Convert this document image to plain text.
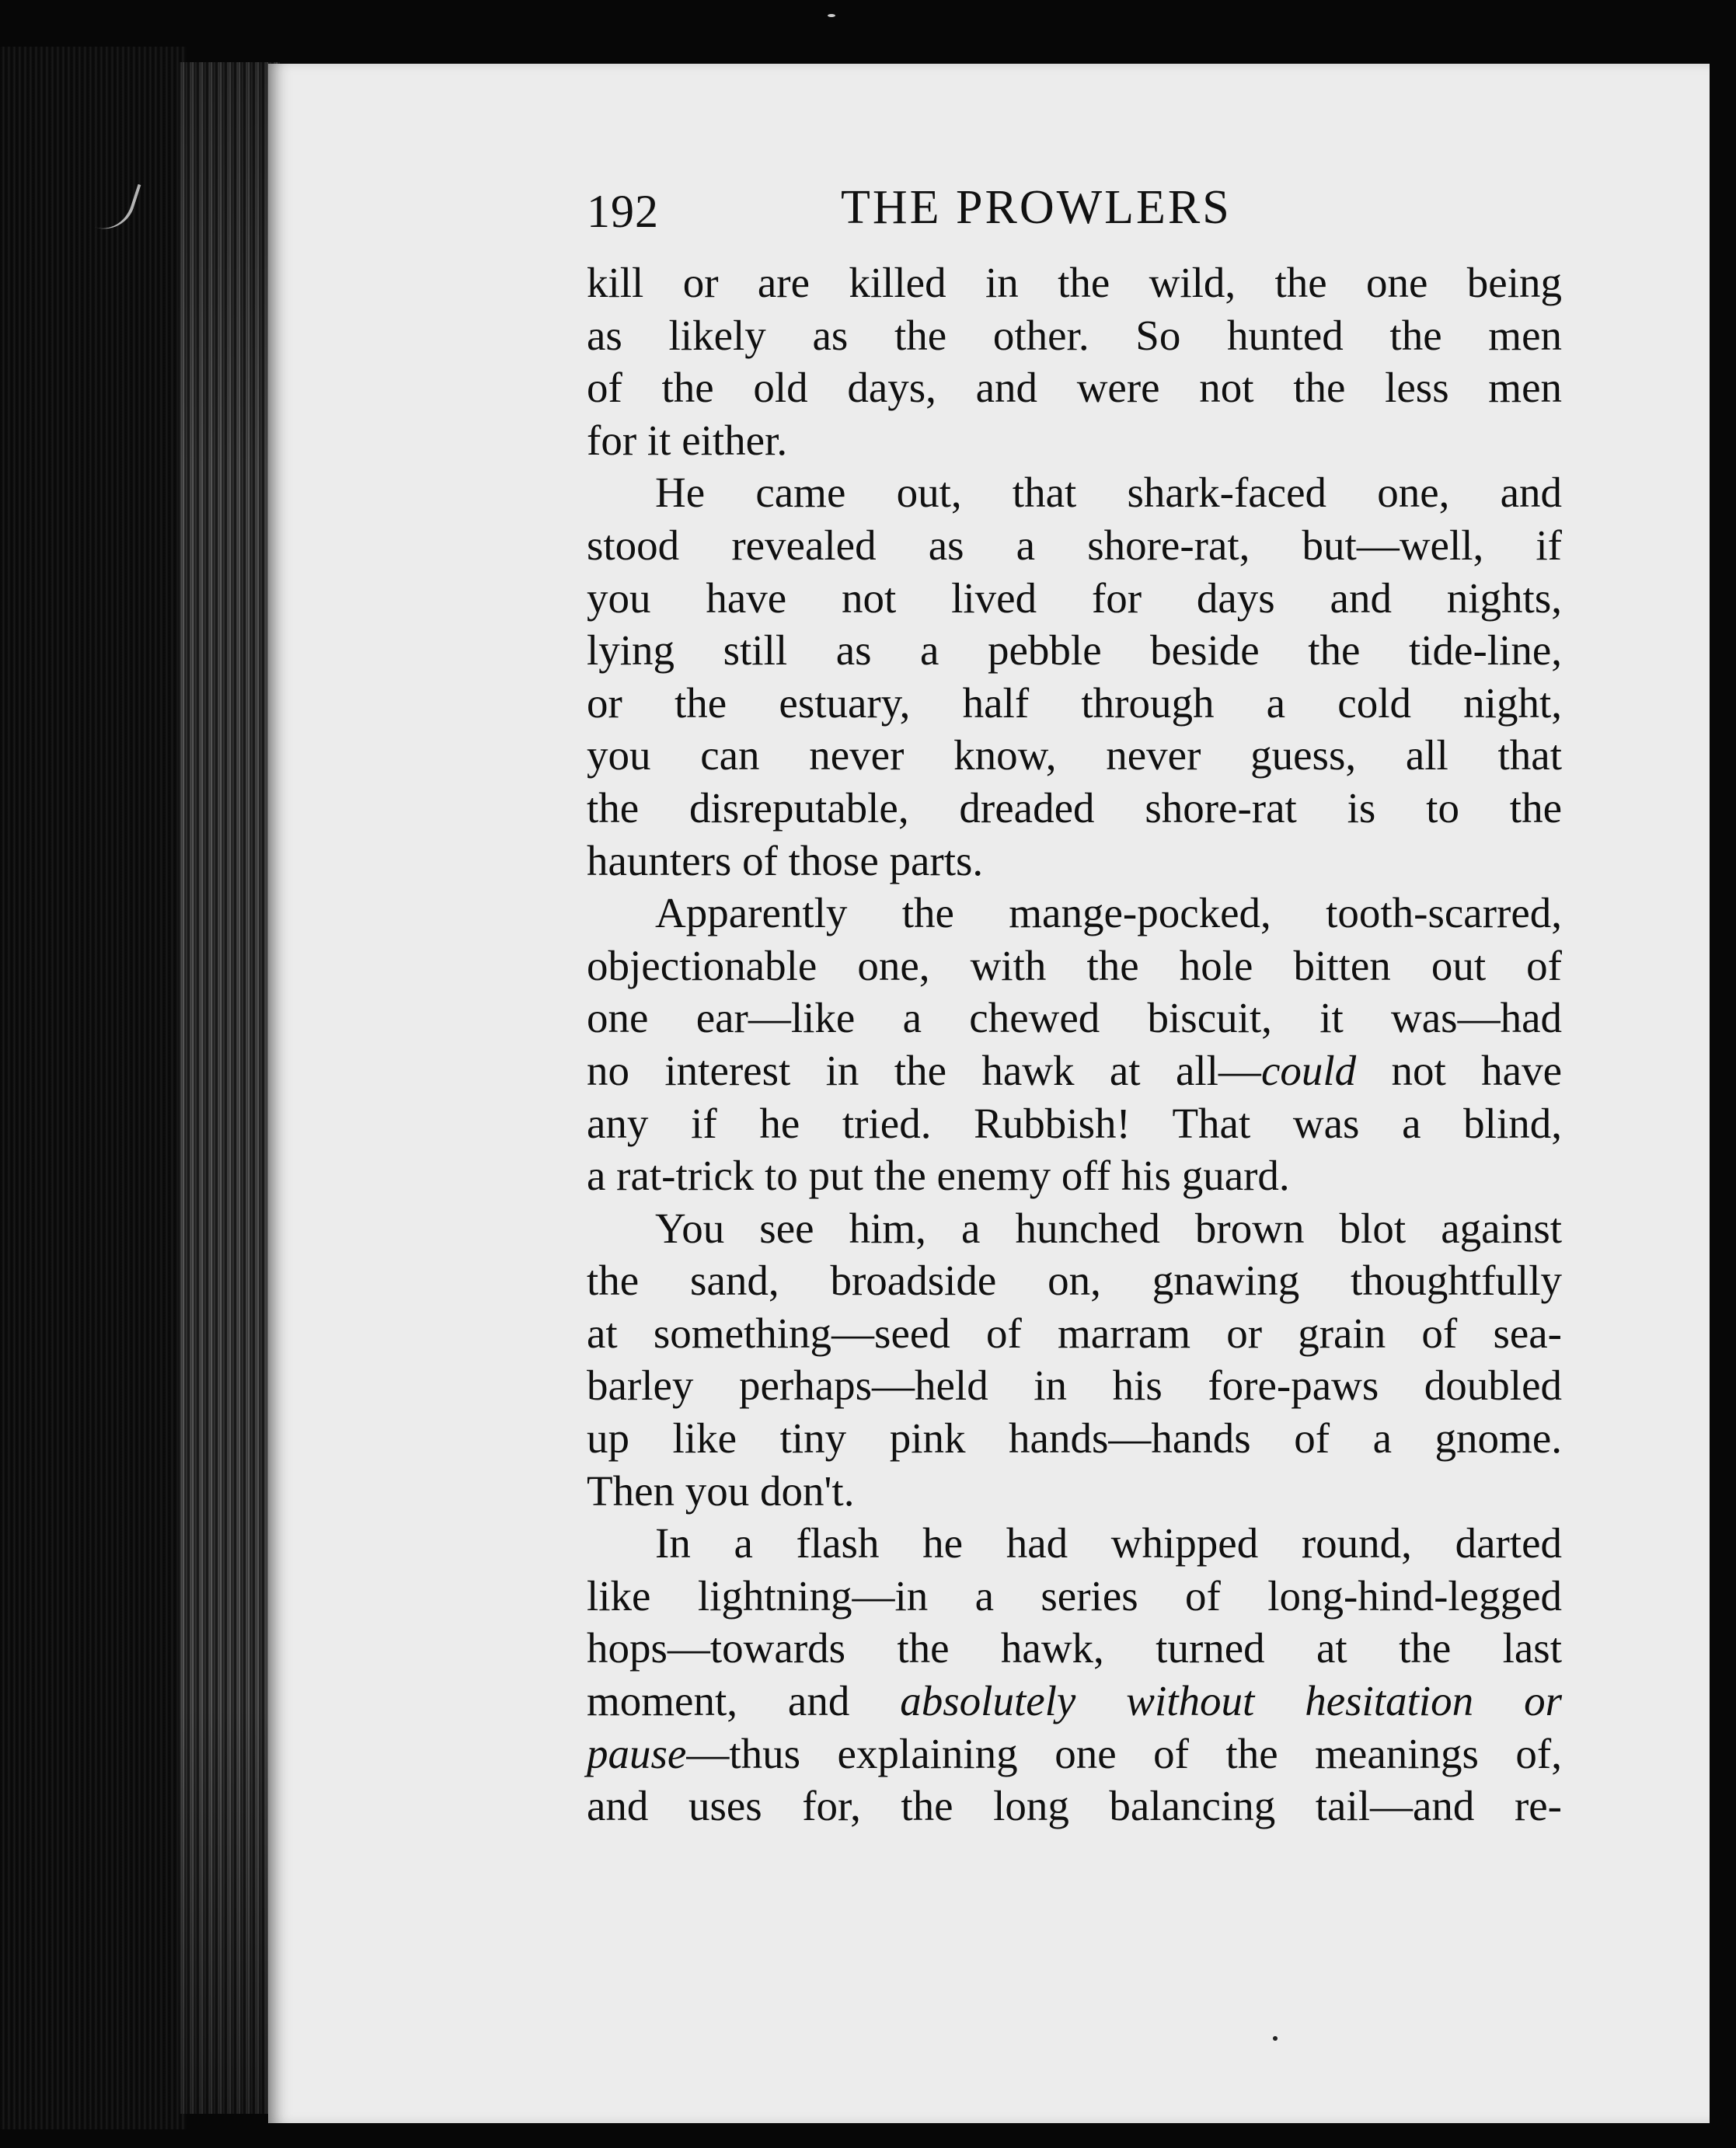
192	THE PROWLERS
kill or are killed in the wild, the one being
as likely as the other. So hunted the men
of the old days, and were not the less men
for it either.
He came out, that shark-faced one, and
stood revealed as a shore-rat, but—well, if
you have not lived for days and nights,
lying still as a pebble beside the tide-line,
or the estuary, half through a cold night,
you can never know, never guess, all that
the disreputable, dreaded shore-rat is to the
haunters of those parts.
Apparently the mange-pocked, tooth-scarred,
objectionable one, with the hole bitten out of
one ear—like a chewed biscuit, it was—had
no interest in the hawk at all—could not have
any if he tried. Rubbish! That was a blind,
a rat-trick to put the enemy off his guard.
You see him, a hunched brown blot against
the sand, broadside on, gnawing thoughtfully
at something—seed of marram or grain of sea-
barley perhaps—held in his fore-paws doubled
up like tiny pink hands—hands of a gnome.
Then you don't.
In a flash he had whipped round, darted
like lightning—in a series of long-hind-legged
hops—towards the hawk, turned at the last
moment, and absolutely without hesitation or
pause—thus explaining one of the meanings of,
and uses for, the long balancing tail—and re-
